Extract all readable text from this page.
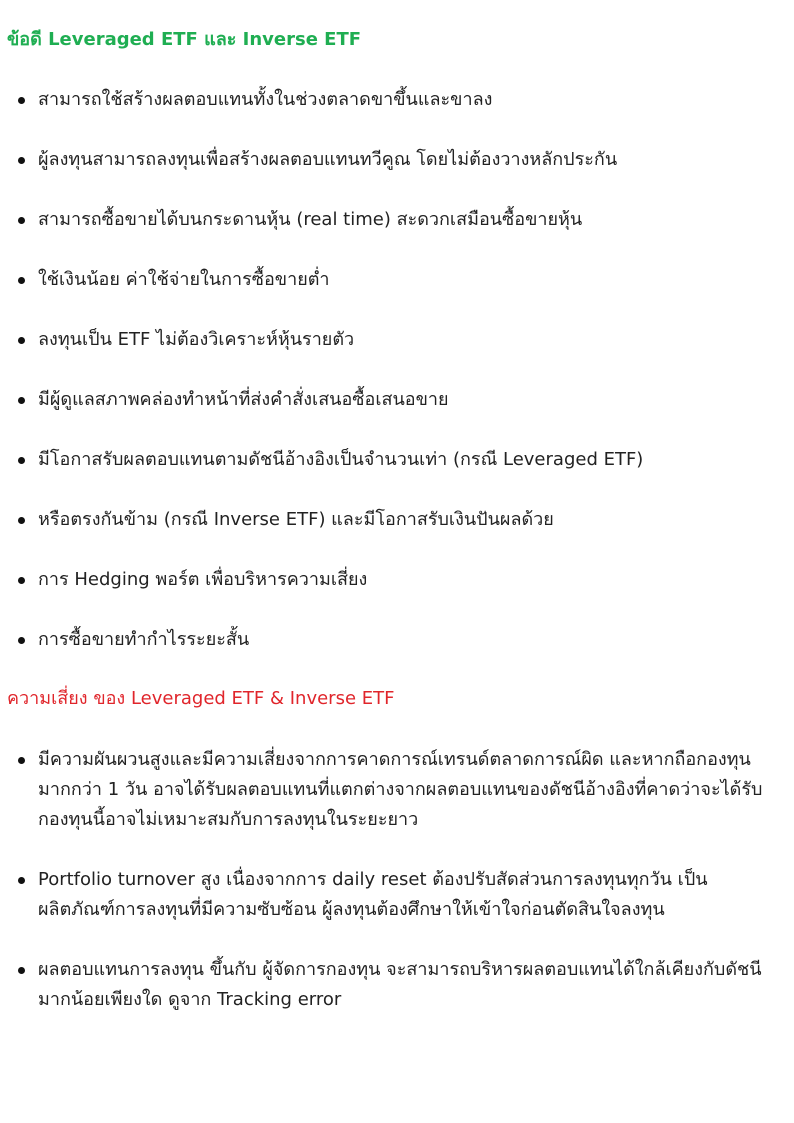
ข้อดี Leveraged ETF และ Inverse ETF
สามารถใช้สร้างผลตอบแทนทั้งในช่วงตลาดขาขึ้นและขาลง
ผู้ลงทุนสามารถลงทุนเพื่อสร้างผลตอบแทนทวีคูณ โดยไม่ต้องวางหลักประกัน
สามารถซื้อขายได้บนกระดานหุ้น (real time) สะดวกเสมือนซื้อขายหุ้น
ใช้เงินน้อย ค่าใช้จ่ายในการซื้อขายต่ำ
ลงทุนเป็น ETF ไม่ต้องวิเคราะห์หุ้นรายตัว
มีผู้ดูแลสภาพคล่องทำหน้าที่ส่งคำสั่งเสนอซื้อเสนอขาย
มีโอกาสรับผลตอบแทนตามดัชนีอ้างอิงเป็นจำนวนเท่า (กรณี Leveraged ETF)
หรือตรงกันข้าม (กรณี Inverse ETF) และมีโอกาสรับเงินปันผลด้วย
การ Hedging พอร์ต เพื่อบริหารความเสี่ยง
การซื้อขายทำกำไรระยะสั้น
ความเสี่ยง ของ Leveraged ETF & Inverse ETF
มีความผันผวนสูงและมีความเสี่ยงจากการคาดการณ์เทรนด์ตลาดการณ์ผิด และหากถือกองทุนมากกว่า 1 วัน อาจได้รับผลตอบแทนที่แตกต่างจากผลตอบแทนของดัชนีอ้างอิงที่คาดว่าจะได้รับ กองทุนนี้อาจไม่เหมาะสมกับการลงทุนในระยะยาว
Portfolio turnover สูง เนื่องจากการ daily reset ต้องปรับสัดส่วนการลงทุนทุกวัน เป็นผลิตภัณฑ์การลงทุนที่มีความซับซ้อน ผู้ลงทุนต้องศึกษาให้เข้าใจก่อนตัดสินใจลงทุน
ผลตอบแทนการลงทุน ขึ้นกับ ผู้จัดการกองทุน จะสามารถบริหารผลตอบแทนได้ใกล้เคียงกับดัชนีมากน้อยเพียงใด ดูจาก Tracking error
